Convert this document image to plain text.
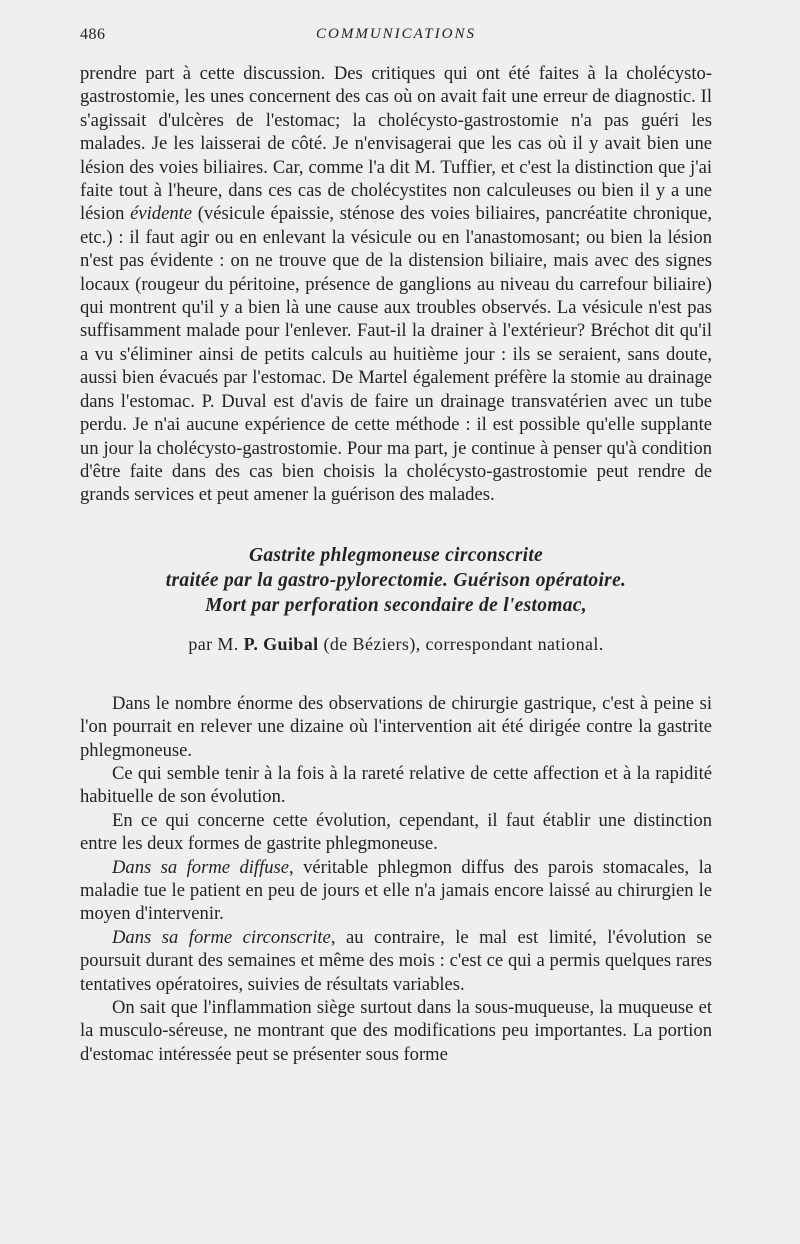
486	COMMUNICATIONS

prendre part à cette discussion. Des critiques qui ont été faites à la cholécysto-gastrostomie, les unes concernent des cas où on avait fait une erreur de diagnostic. Il s'agissait d'ulcères de l'estomac; la cholécysto-gastrostomie n'a pas guéri les malades. Je les laisserai de côté. Je n'envisagerai que les cas où il y avait bien une lésion des voies biliaires. Car, comme l'a dit M. Tuffier, et c'est la distinction que j'ai faite tout à l'heure, dans ces cas de cholécystites non calculeuses ou bien il y a une lésion évidente (vésicule épaissie, sténose des voies biliaires, pancréatite chronique, etc.) : il faut agir ou en enlevant la vésicule ou en l'anastomosant; ou bien la lésion n'est pas évidente : on ne trouve que de la distension biliaire, mais avec des signes locaux (rougeur du péritoine, présence de ganglions au niveau du carrefour biliaire) qui montrent qu'il y a bien là une cause aux troubles observés. La vésicule n'est pas suffisamment malade pour l'enlever. Faut-il la drainer à l'extérieur? Bréchot dit qu'il a vu s'éliminer ainsi de petits calculs au huitième jour : ils se seraient, sans doute, aussi bien évacués par l'estomac. De Martel également préfère la stomie au drainage dans l'estomac. P. Duval est d'avis de faire un drainage transvatérien avec un tube perdu. Je n'ai aucune expérience de cette méthode : il est possible qu'elle supplante un jour la cholécysto-gastrostomie. Pour ma part, je continue à penser qu'à condition d'être faite dans des cas bien choisis la cholécysto-gastrostomie peut rendre de grands services et peut amener la guérison des malades.

Gastrite phlegmoneuse circonscrite
traitée par la gastro-pylorectomie. Guérison opératoire.
Mort par perforation secondaire de l'estomac,
par M. P. Guibal (de Béziers), correspondant national.

Dans le nombre énorme des observations de chirurgie gastrique, c'est à peine si l'on pourrait en relever une dizaine où l'intervention ait été dirigée contre la gastrite phlegmoneuse.

Ce qui semble tenir à la fois à la rareté relative de cette affection et à la rapidité habituelle de son évolution.

En ce qui concerne cette évolution, cependant, il faut établir une distinction entre les deux formes de gastrite phlegmoneuse.

Dans sa forme diffuse, véritable phlegmon diffus des parois stomacales, la maladie tue le patient en peu de jours et elle n'a jamais encore laissé au chirurgien le moyen d'intervenir.

Dans sa forme circonscrite, au contraire, le mal est limité, l'évolution se poursuit durant des semaines et même des mois : c'est ce qui a permis quelques rares tentatives opératoires, suivies de résultats variables.

On sait que l'inflammation siège surtout dans la sous-muqueuse, la muqueuse et la musculo-séreuse, ne montrant que des modifications peu importantes. La portion d'estomac intéressée peut se présenter sous forme
